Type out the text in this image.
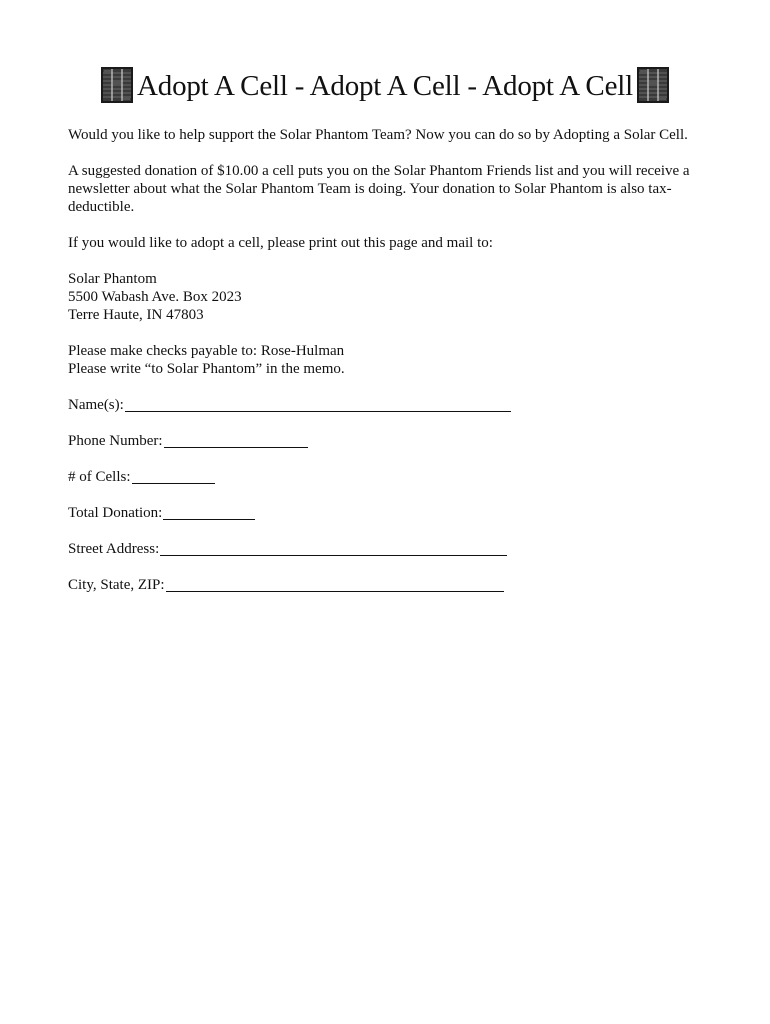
Adopt A Cell - Adopt A Cell - Adopt A Cell

Would you like to help support the Solar Phantom Team? Now you can do so by Adopting a Solar Cell.

A suggested donation of $10.00 a cell puts you on the Solar Phantom Friends list and you will receive a newsletter about what the Solar Phantom Team is doing. Your donation to Solar Phantom is also tax-deductible.

If you would like to adopt a cell, please print out this page and mail to:

Solar Phantom
5500 Wabash Ave. Box 2023
Terre Haute, IN 47803
Please make checks payable to: Rose-Hulman
Please write “to Solar Phantom” in the memo.
Name(s):
Phone Number:
# of Cells:
Total Donation:
Street Address:
City, State, ZIP:
